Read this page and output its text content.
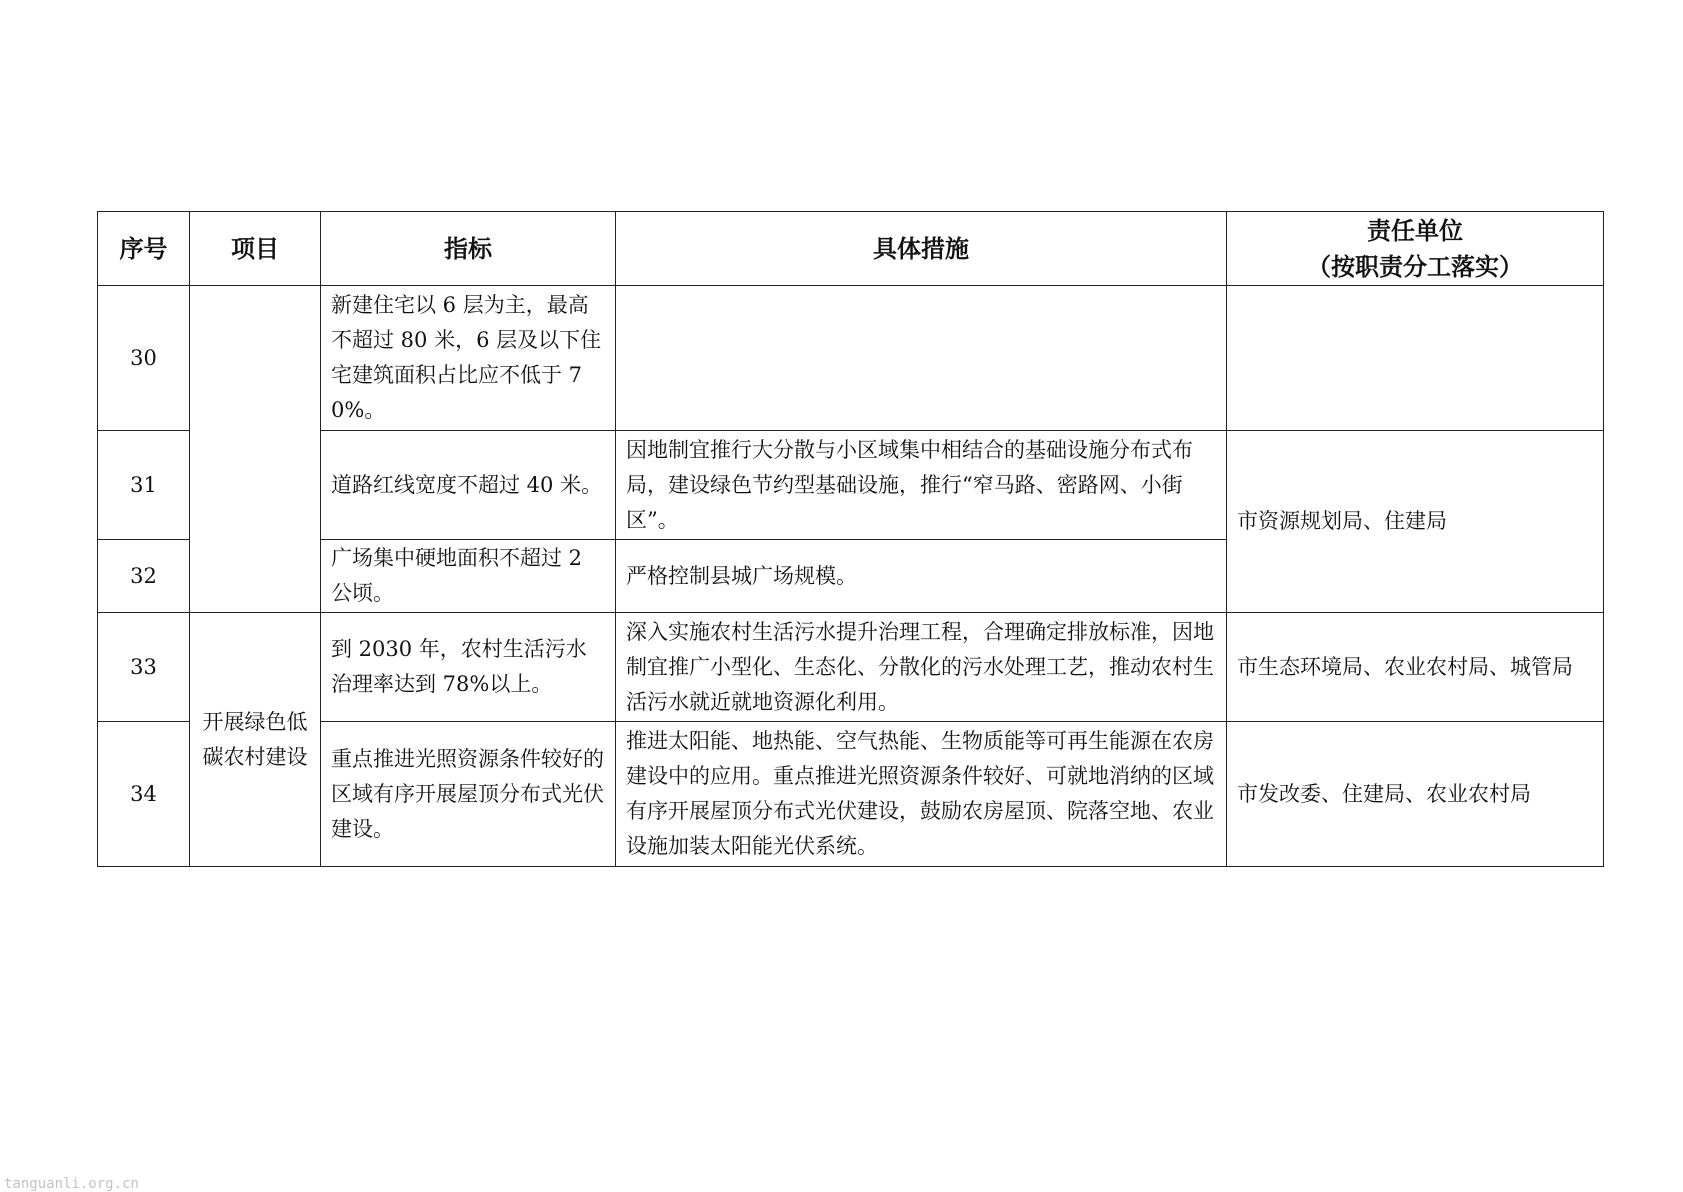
序号	项目	指标	具体措施	责任单位
（按职责分工落实）

30		新建住宅以 6 层为主，最高不超过 80 米，6 层及以下住宅建筑面积占比应不低于 70%。		
31		道路红线宽度不超过 40 米。	因地制宜推行大分散与小区域集中相结合的基础设施分布式布局，建设绿色节约型基础设施，推行“窄马路、密路网、小街区”。	市资源规划局、住建局
32		广场集中硬地面积不超过 2 公顷。	严格控制县城广场规模。	
33	开展绿色低碳农村建设	到 2030 年，农村生活污水治理率达到 78%以上。	深入实施农村生活污水提升治理工程，合理确定排放标准，因地制宜推广小型化、生态化、分散化的污水处理工艺，推动农村生活污水就近就地资源化利用。	市生态环境局、农业农村局、城管局
34		重点推进光照资源条件较好的区域有序开展屋顶分布式光伏建设。	推进太阳能、地热能、空气热能、生物质能等可再生能源在农房建设中的应用。重点推进光照资源条件较好、可就地消纳的区域有序开展屋顶分布式光伏建设，鼓励农房屋顶、院落空地、农业设施加装太阳能光伏系统。	市发改委、住建局、农业农村局
tanguanli.org.cn
